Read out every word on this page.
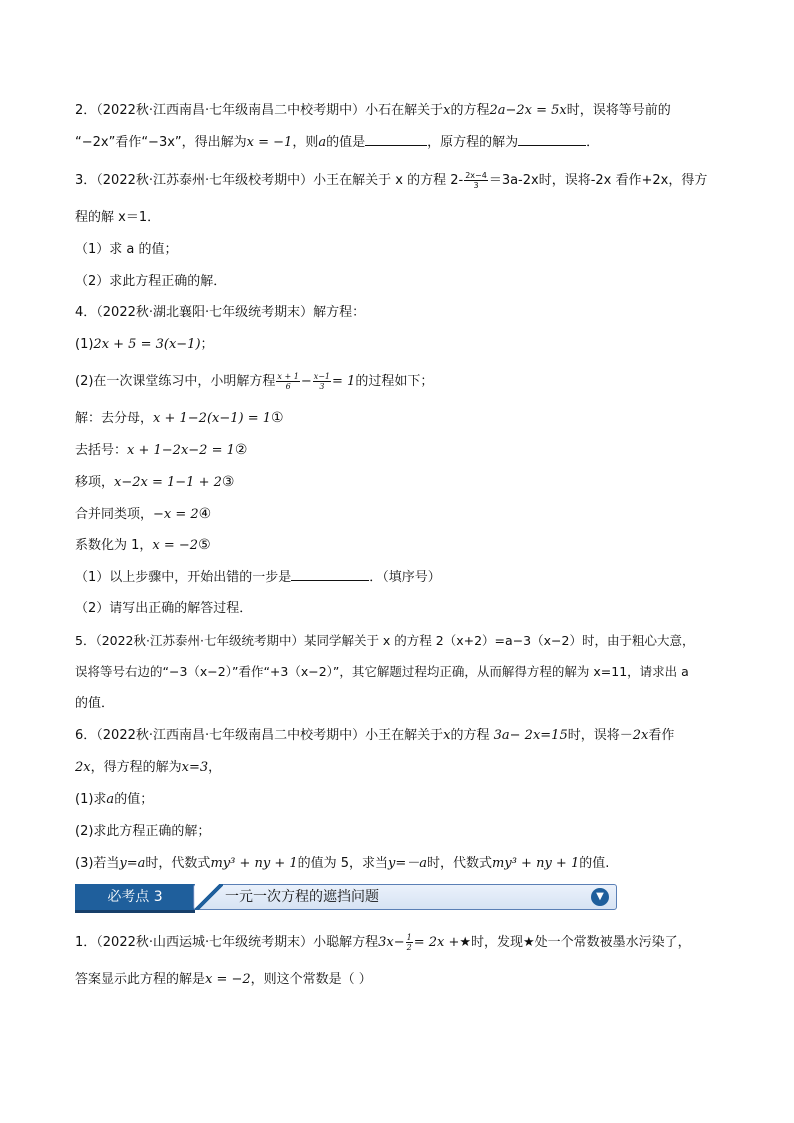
2．（2022秋·江西南昌·七年级南昌二中校考期中）小石在解关于x的方程2a−2x = 5x时，误将等号前的
“−2x”看作“−3x”，得出解为x = −1，则a的值是	，原方程的解为	．
3．（2022秋·江苏泰州·七年级校考期中）小王在解关于 x 的方程 $2- \frac{2x-4}{3} =3a-2x$时，误将-2x 看作+2x，得方
程的解 x＝1．
（1）求 a 的值；
（2）求此方程正确的解．
4．（2022秋·湖北襄阳·七年级统考期末）解方程：
(1)2x + 5 = 3(x−1)；
(2)在一次课堂练习中，小明解方程 $\frac{x + 1}{6} - \frac{x-1}{3} = 1$的过程如下；
解：去分母，x + 1−2(x−1) = 1①
去括号：x + 1−2x−2 = 1②
移项，x−2x = 1−1 + 2③
合并同类项，−x = 2④
系数化为 1，x = −2⑤
（1）以上步骤中，开始出错的一步是	．（填序号）
（2）请写出正确的解答过程．
5．（2022秋·江苏泰州·七年级统考期中）某同学解关于 x 的方程 2（x+2）=a−3（x−2）时，由于粗心大意，
误将等号右边的“−3（x−2）”看作“+3（x−2）”，其它解题过程均正确，从而解得方程的解为 x=11，请求出 a
的值．
6．（2022秋·江西南昌·七年级南昌二中校考期中）小王在解关于x的方程 3a− 2x=15时，误将－2x看作
2x，得方程的解为x=3，
(1)求a的值；
(2)求此方程正确的解；
(3)若当y=a时，代数式my³ + ny + 1的值为 5，求当y=－a时，代数式my³ + ny + 1的值.
必考点 3	一元一次方程的遮挡问题	▼
1．（2022秋·山西运城·七年级统考期末）小聪解方程$3x- \frac{1}{2} = 2x$ +★时，发现★处一个常数被墨水污染了，
答案显示此方程的解是x = −2，则这个常数是（ ）
